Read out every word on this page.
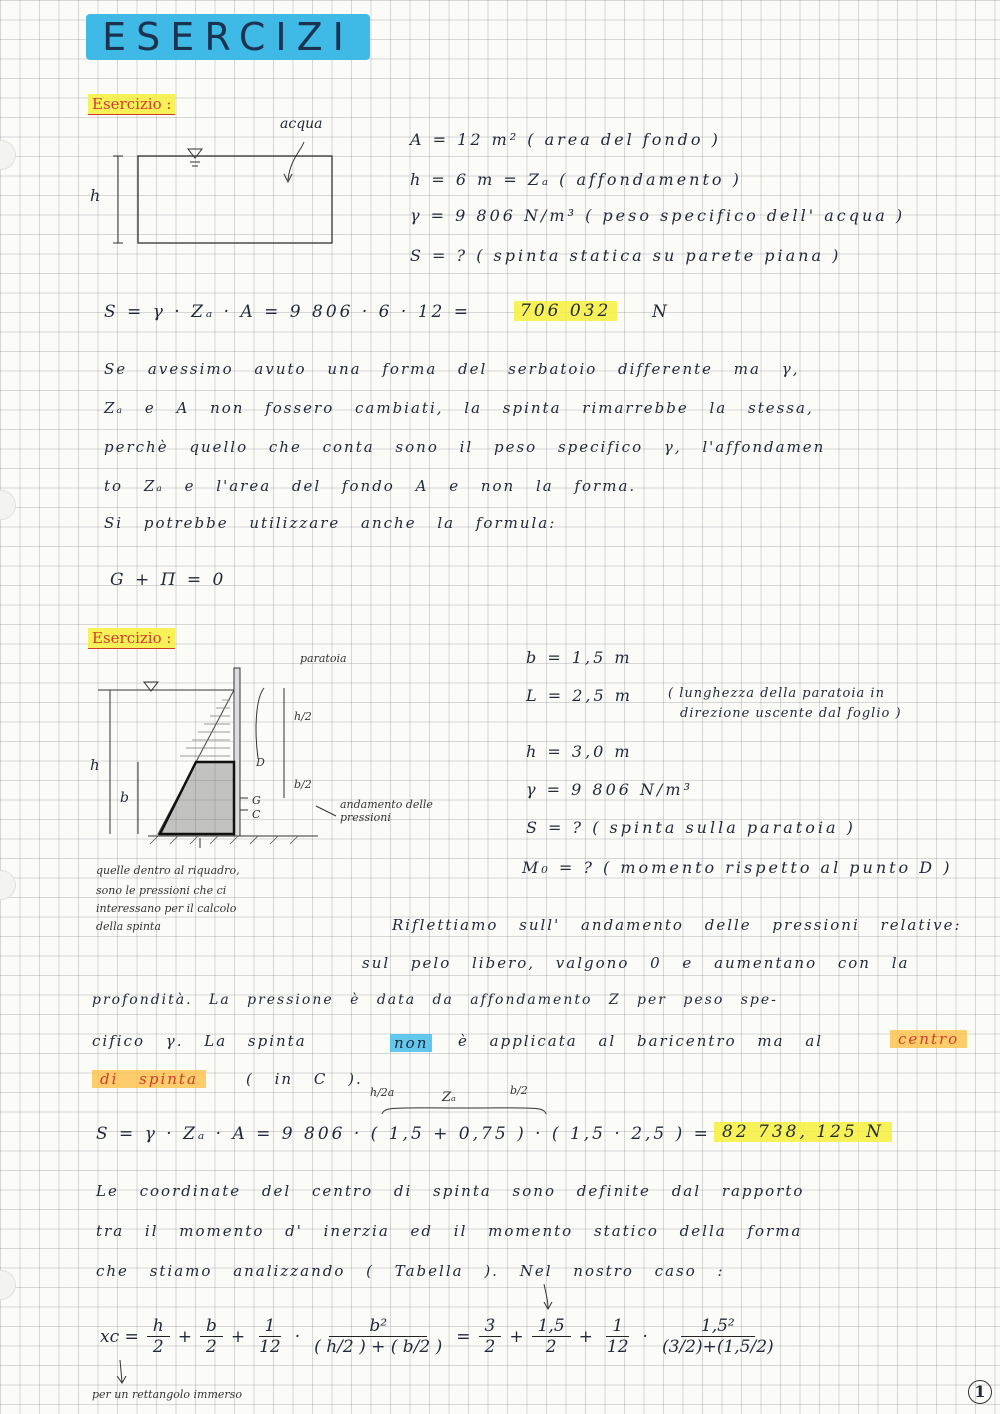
ESERCIZI
Esercizio :
acqua
h
A = 12 m² ( area del fondo )
h = 6 m = Zₐ ( affondamento )
γ = 9 806 N/m³ ( peso specifico dell' acqua )
S = ? ( spinta statica su parete piana )
S = γ · Zₐ · A = 9 806 · 6 · 12 =	706 032	N
Se avessimo avuto una forma del serbatoio differente ma γ,
Zₐ e A non fossero cambiati, la spinta rimarrebbe la stessa,
perchè quello che conta sono il peso specifico γ, l'affondamen
to Zₐ e l'area del fondo A e non la forma.
Si potrebbe utilizzare anche la formula:
G + Π = 0
Esercizio :
paratoia
h
b
h/2
b/2
D
G
C
andamento delle pressioni
quelle dentro al riquadro,
sono le pressioni che ci
interessano per il calcolo
della spinta
b = 1,5 m
L = 2,5 m	( lunghezza della paratoia in
direzione uscente dal foglio )
h = 3,0 m
γ = 9 806 N/m³
S = ? ( spinta sulla paratoia )
M₀ = ? ( momento rispetto al punto D )
Riflettiamo sull' andamento delle pressioni relative:
sul pelo libero, valgono 0 e aumentano con la
profondità. La pressione è data da affondamento Z per peso spe-
cifico γ. La spinta	non è applicata al baricentro ma al	centro
di spinta	( in C ).
h/2a	Zₐ	b/2
S = γ · Zₐ · A = 9 806 · ( 1,5 + 0,75 ) · ( 1,5 · 2,5 ) = 82 738, 125 N
Le coordinate del centro di spinta sono definite dal rapporto
tra il momento d' inerzia ed il momento statico della forma
che stiamo analizzando ( Tabella ). Nel nostro caso :
xc = $\frac{h}{2} + \frac{b}{2} + \frac{1}{12} \cdot \frac{\text{b²}}{( h/2 ) + ( b/2 )} = \frac{3}{2} + \frac{1,5}{2} + \frac{1}{12} \cdot \frac{\text{1,5²}}{(3/2)+(1,5/2)}$
per un rettangolo immerso	1
